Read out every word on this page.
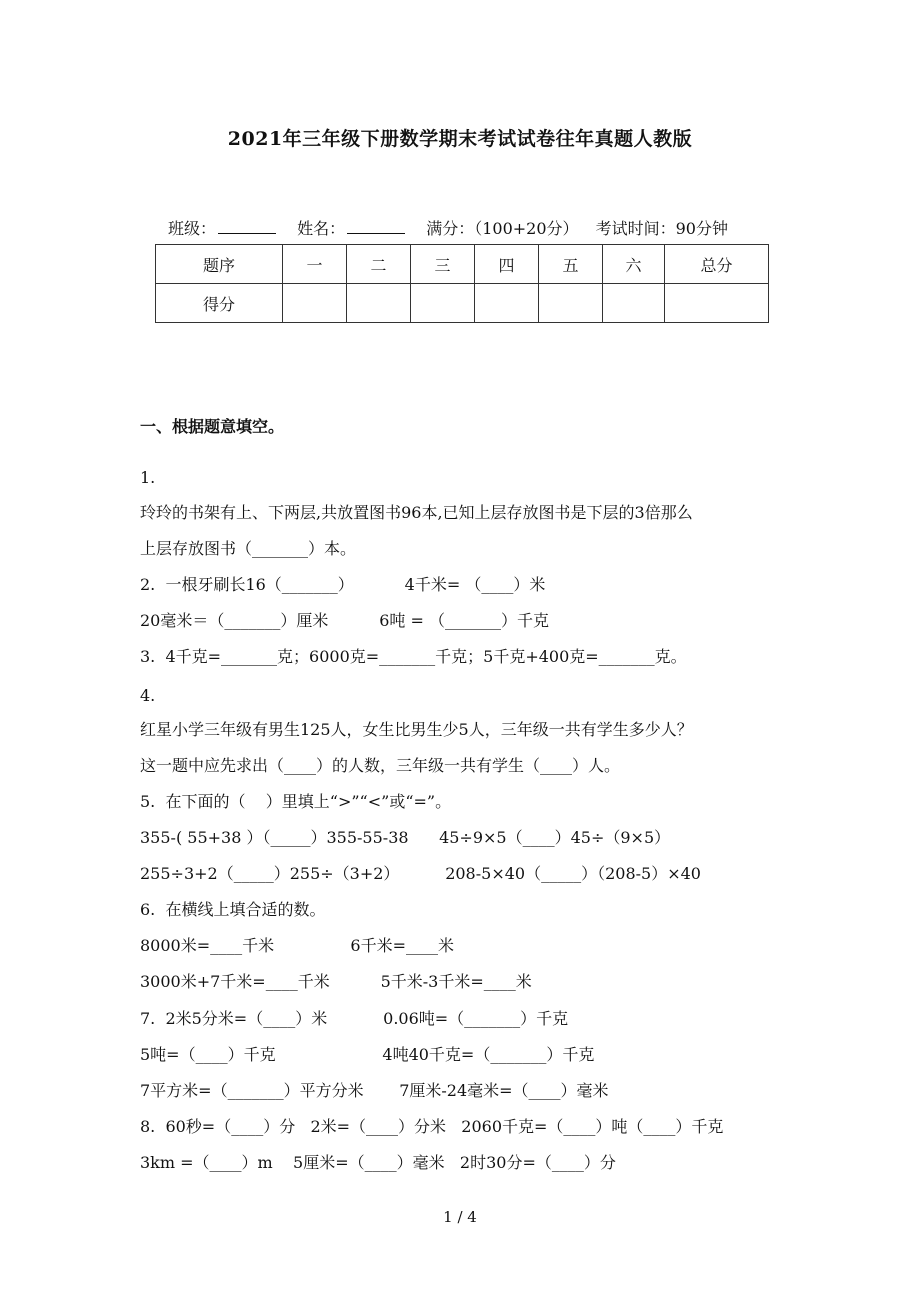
2021年三年级下册数学期末考试试卷往年真题人教版
班级：	姓名：	满分：（100+20分） 考试时间：90分钟
题序	一	二	三	四	五	六	总分
得分							
一、根据题意填空。
1.
玲玲的书架有上、下两层,共放置图书96本,已知上层存放图书是下层的3倍那么
上层存放图书（_______）本。
2.  一根牙刷长16（_______）          4千米= （____）米
20毫米＝（_______）厘米          6吨 = （_______）千克
3.  4千克=_______克；6000克=_______千克；5千克+400克=_______克。
4.
红星小学三年级有男生125人，女生比男生少5人，三年级一共有学生多少人？
这一题中应先求出（____）的人数，三年级一共有学生（____）人。
5.  在下面的（    ）里填上“>”“<”或“=”。
355-( 55+38 ）（_____）355-55-38      45÷9×5（____）45÷（9×5）
255÷3+2（_____）255÷（3+2）         208-5×40（_____）（208-5）×40
6.  在横线上填合适的数。
8000米=____千米               6千米=____米
3000米+7千米=____千米          5千米-3千米=____米
7.  2米5分米=（____）米           0.06吨=（_______）千克
5吨=（____）千克                     4吨40千克=（_______）千克
7平方米=（_______）平方分米       7厘米-24毫米=（____）毫米
8.  60秒=（____）分   2米=（____）分米   2060千克=（____）吨（____）千克
3km =（____）m    5厘米=（____）毫米   2时30分=（____）分
1 / 4
